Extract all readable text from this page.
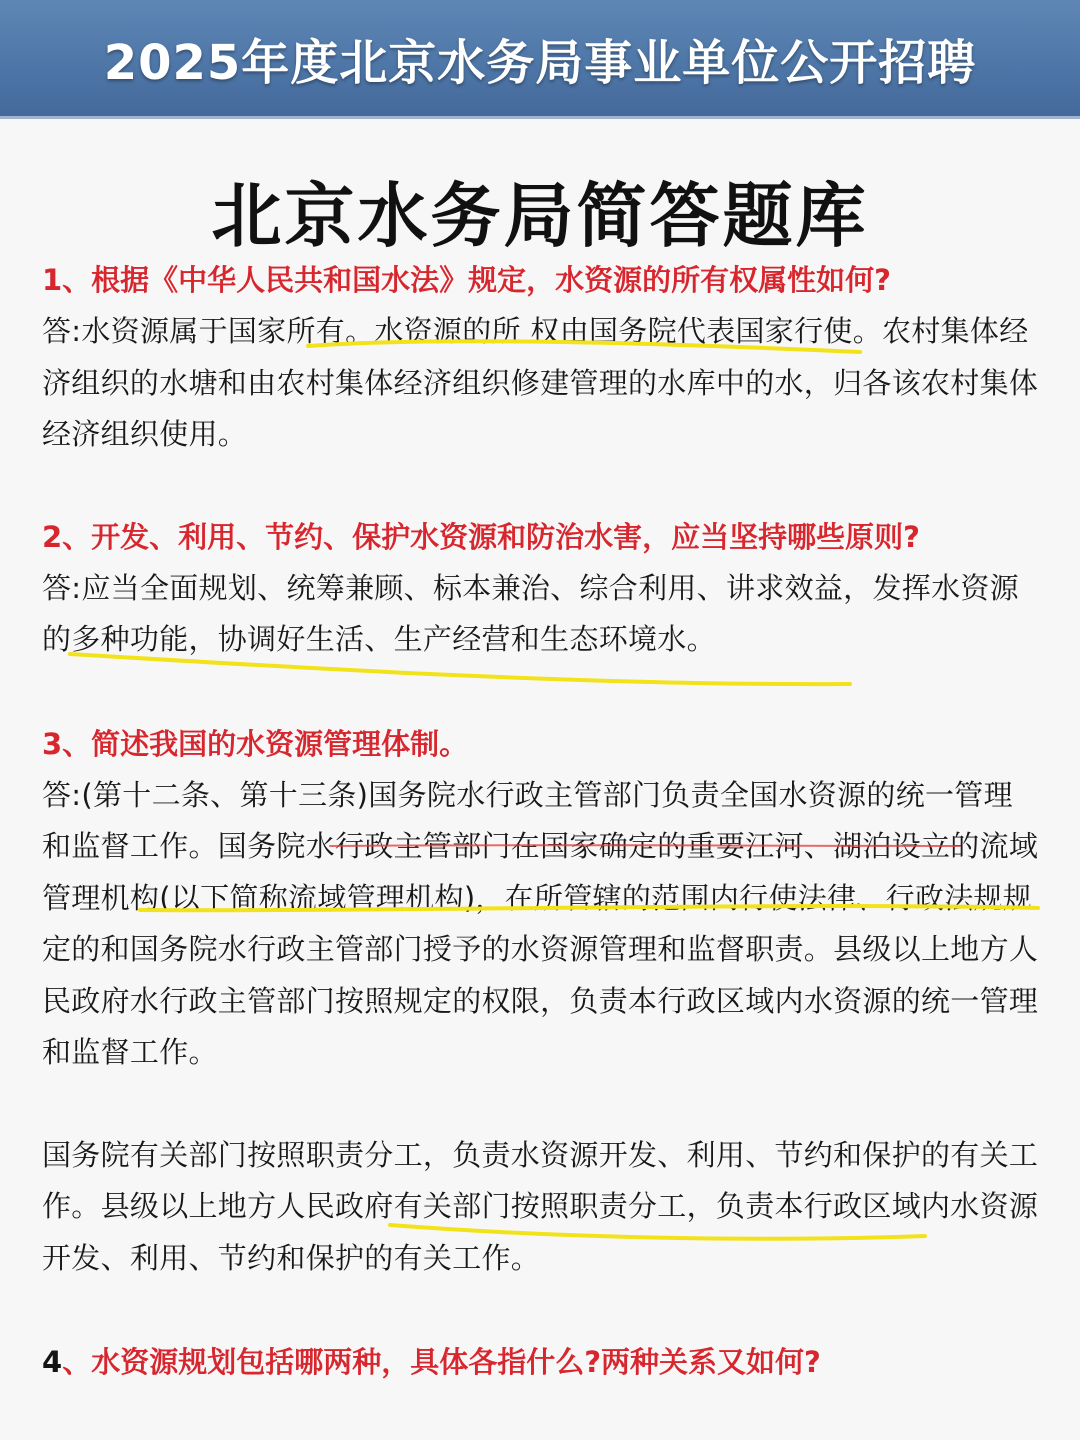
2025年度北京水务局事业单位公开招聘
北京水务局简答题库

1、根据《中华人民共和国水法》规定，水资源的所有权属性如何?

答:水资源属于国家所有。水资源的所 权由国务院代表国家行使。农村集体经济组织的水塘和由农村集体经济组织修建管理的水库中的水，归各该农村集体经济组织使用。

2、开发、利用、节约、保护水资源和防治水害，应当坚持哪些原则?

答:应当全面规划、统筹兼顾、标本兼治、综合利用、讲求效益，发挥水资源的多种功能，协调好生活、生产经营和生态环境水。

3、简述我国的水资源管理体制。

答:(第十二条、第十三条)国务院水行政主管部门负责全国水资源的统一管理和监督工作。国务院水行政主管部门在国家确定的重要江河、湖泊设立的流域管理机构(以下简称流域管理机构)，在所管辖的范围内行使法律、行政法规规定的和国务院水行政主管部门授予的水资源管理和监督职责。县级以上地方人民政府水行政主管部门按照规定的权限，负责本行政区域内水资源的统一管理和监督工作。

国务院有关部门按照职责分工，负责水资源开发、利用、节约和保护的有关工作。县级以上地方人民政府有关部门按照职责分工，负责本行政区域内水资源开发、利用、节约和保护的有关工作。

4、水资源规划包括哪两种，具体各指什么?两种关系又如何?
